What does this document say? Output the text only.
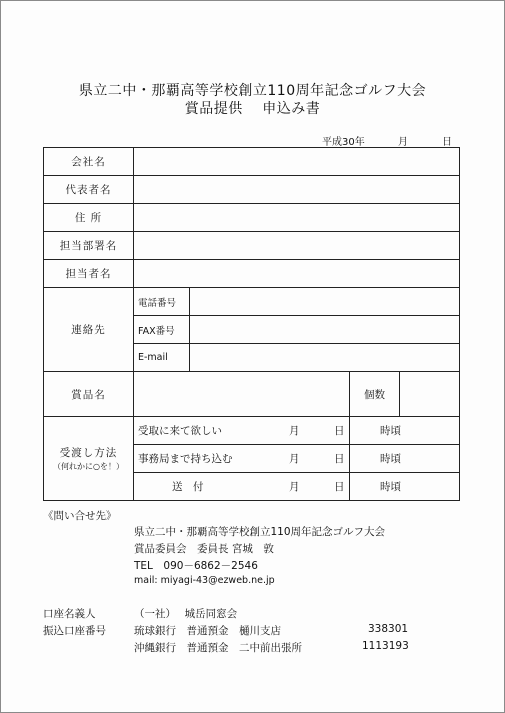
県立二中・那覇高等学校創立110周年記念ゴルフ大会
賞品提供　 申込み書
平成30年	月	日
会社名				
代表者名				
住 所				
担当部署名				
担当者名				
連絡先	電話番号			
	FAX番号			
	E-mail			
賞品名			個数	
受渡し方法
（何れかに○を！）	受取に来て欲しい 月 日		時頃	
	事務局まで持ち込む 月 日		時頃	
	送　付 月 日		時頃	
《問い合せ先》
県立二中・那覇高等学校創立110周年記念ゴルフ大会
賞品委員会　委員長 宮城　敦
TEL　090－6862－2546
mail: miyagi-43@ezweb.ne.jp
口座名義人	（一社）　 城岳同窓会
振込口座番号	琉球銀行　普通預金　樋川支店	338301
沖縄銀行　普通預金　二中前出張所	1113193
